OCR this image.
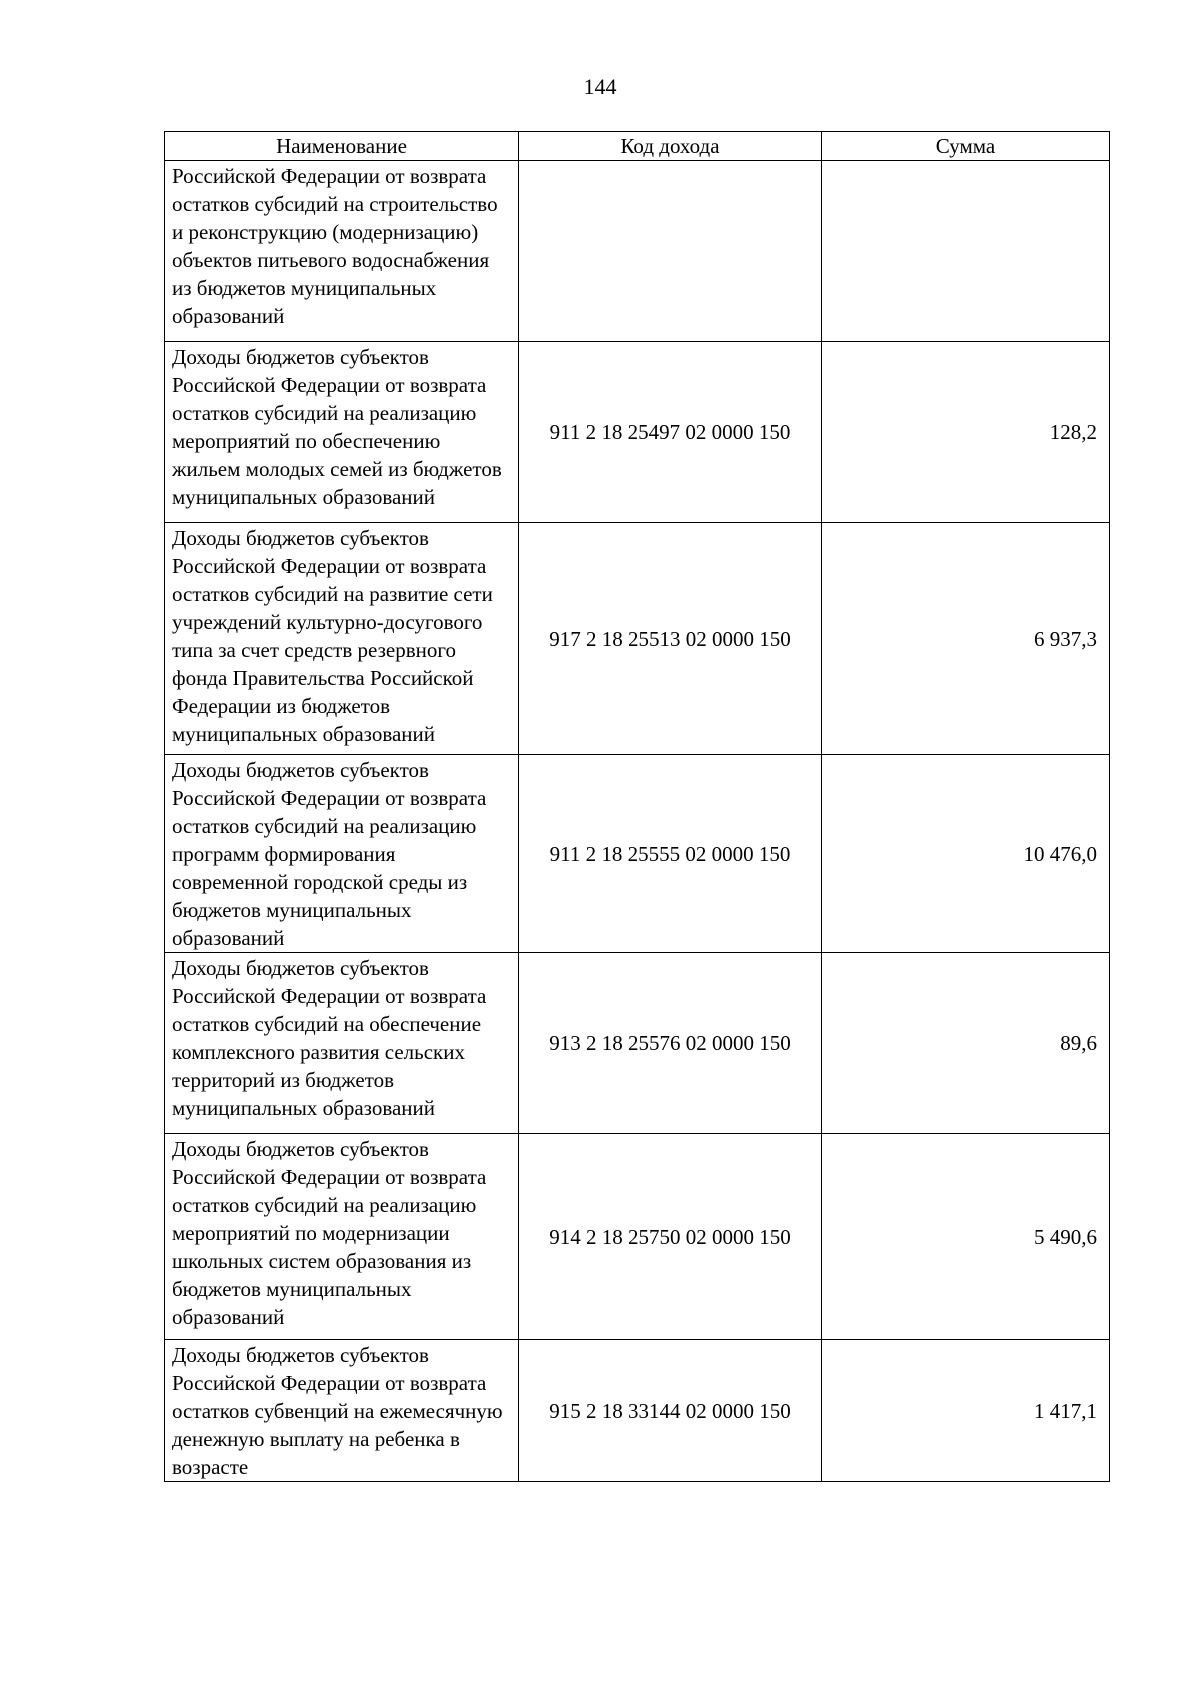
144
Наименование	Код дохода	Сумма
Российской Федерации от возврата остатков субсидий на строительство и реконструкцию (модернизацию) объектов питьевого водоснабжения из бюджетов муниципальных образований		
Доходы бюджетов субъектов Российской Федерации от возврата остатков субсидий на реализацию мероприятий по обеспечению жильем молодых семей из бюджетов муниципальных образований	911 2 18 25497 02 0000 150	128,2
Доходы бюджетов субъектов Российской Федерации от возврата остатков субсидий на развитие сети учреждений культурно-досугового типа за счет средств резервного фонда Правительства Российской Федерации из бюджетов муниципальных образований	917 2 18 25513 02 0000 150	6 937,3
Доходы бюджетов субъектов Российской Федерации от возврата остатков субсидий на реализацию программ формирования современной городской среды из бюджетов муниципальных образований	911 2 18 25555 02 0000 150	10 476,0
Доходы бюджетов субъектов Российской Федерации от возврата остатков субсидий на обеспечение комплексного развития сельских территорий из бюджетов муниципальных образований	913 2 18 25576 02 0000 150	89,6
Доходы бюджетов субъектов Российской Федерации от возврата остатков субсидий на реализацию мероприятий по модернизации школьных систем образования из бюджетов муниципальных образований	914 2 18 25750 02 0000 150	5 490,6
Доходы бюджетов субъектов Российской Федерации от возврата остатков субвенций на ежемесячную денежную выплату на ребенка в возрасте	915 2 18 33144 02 0000 150	1 417,1
